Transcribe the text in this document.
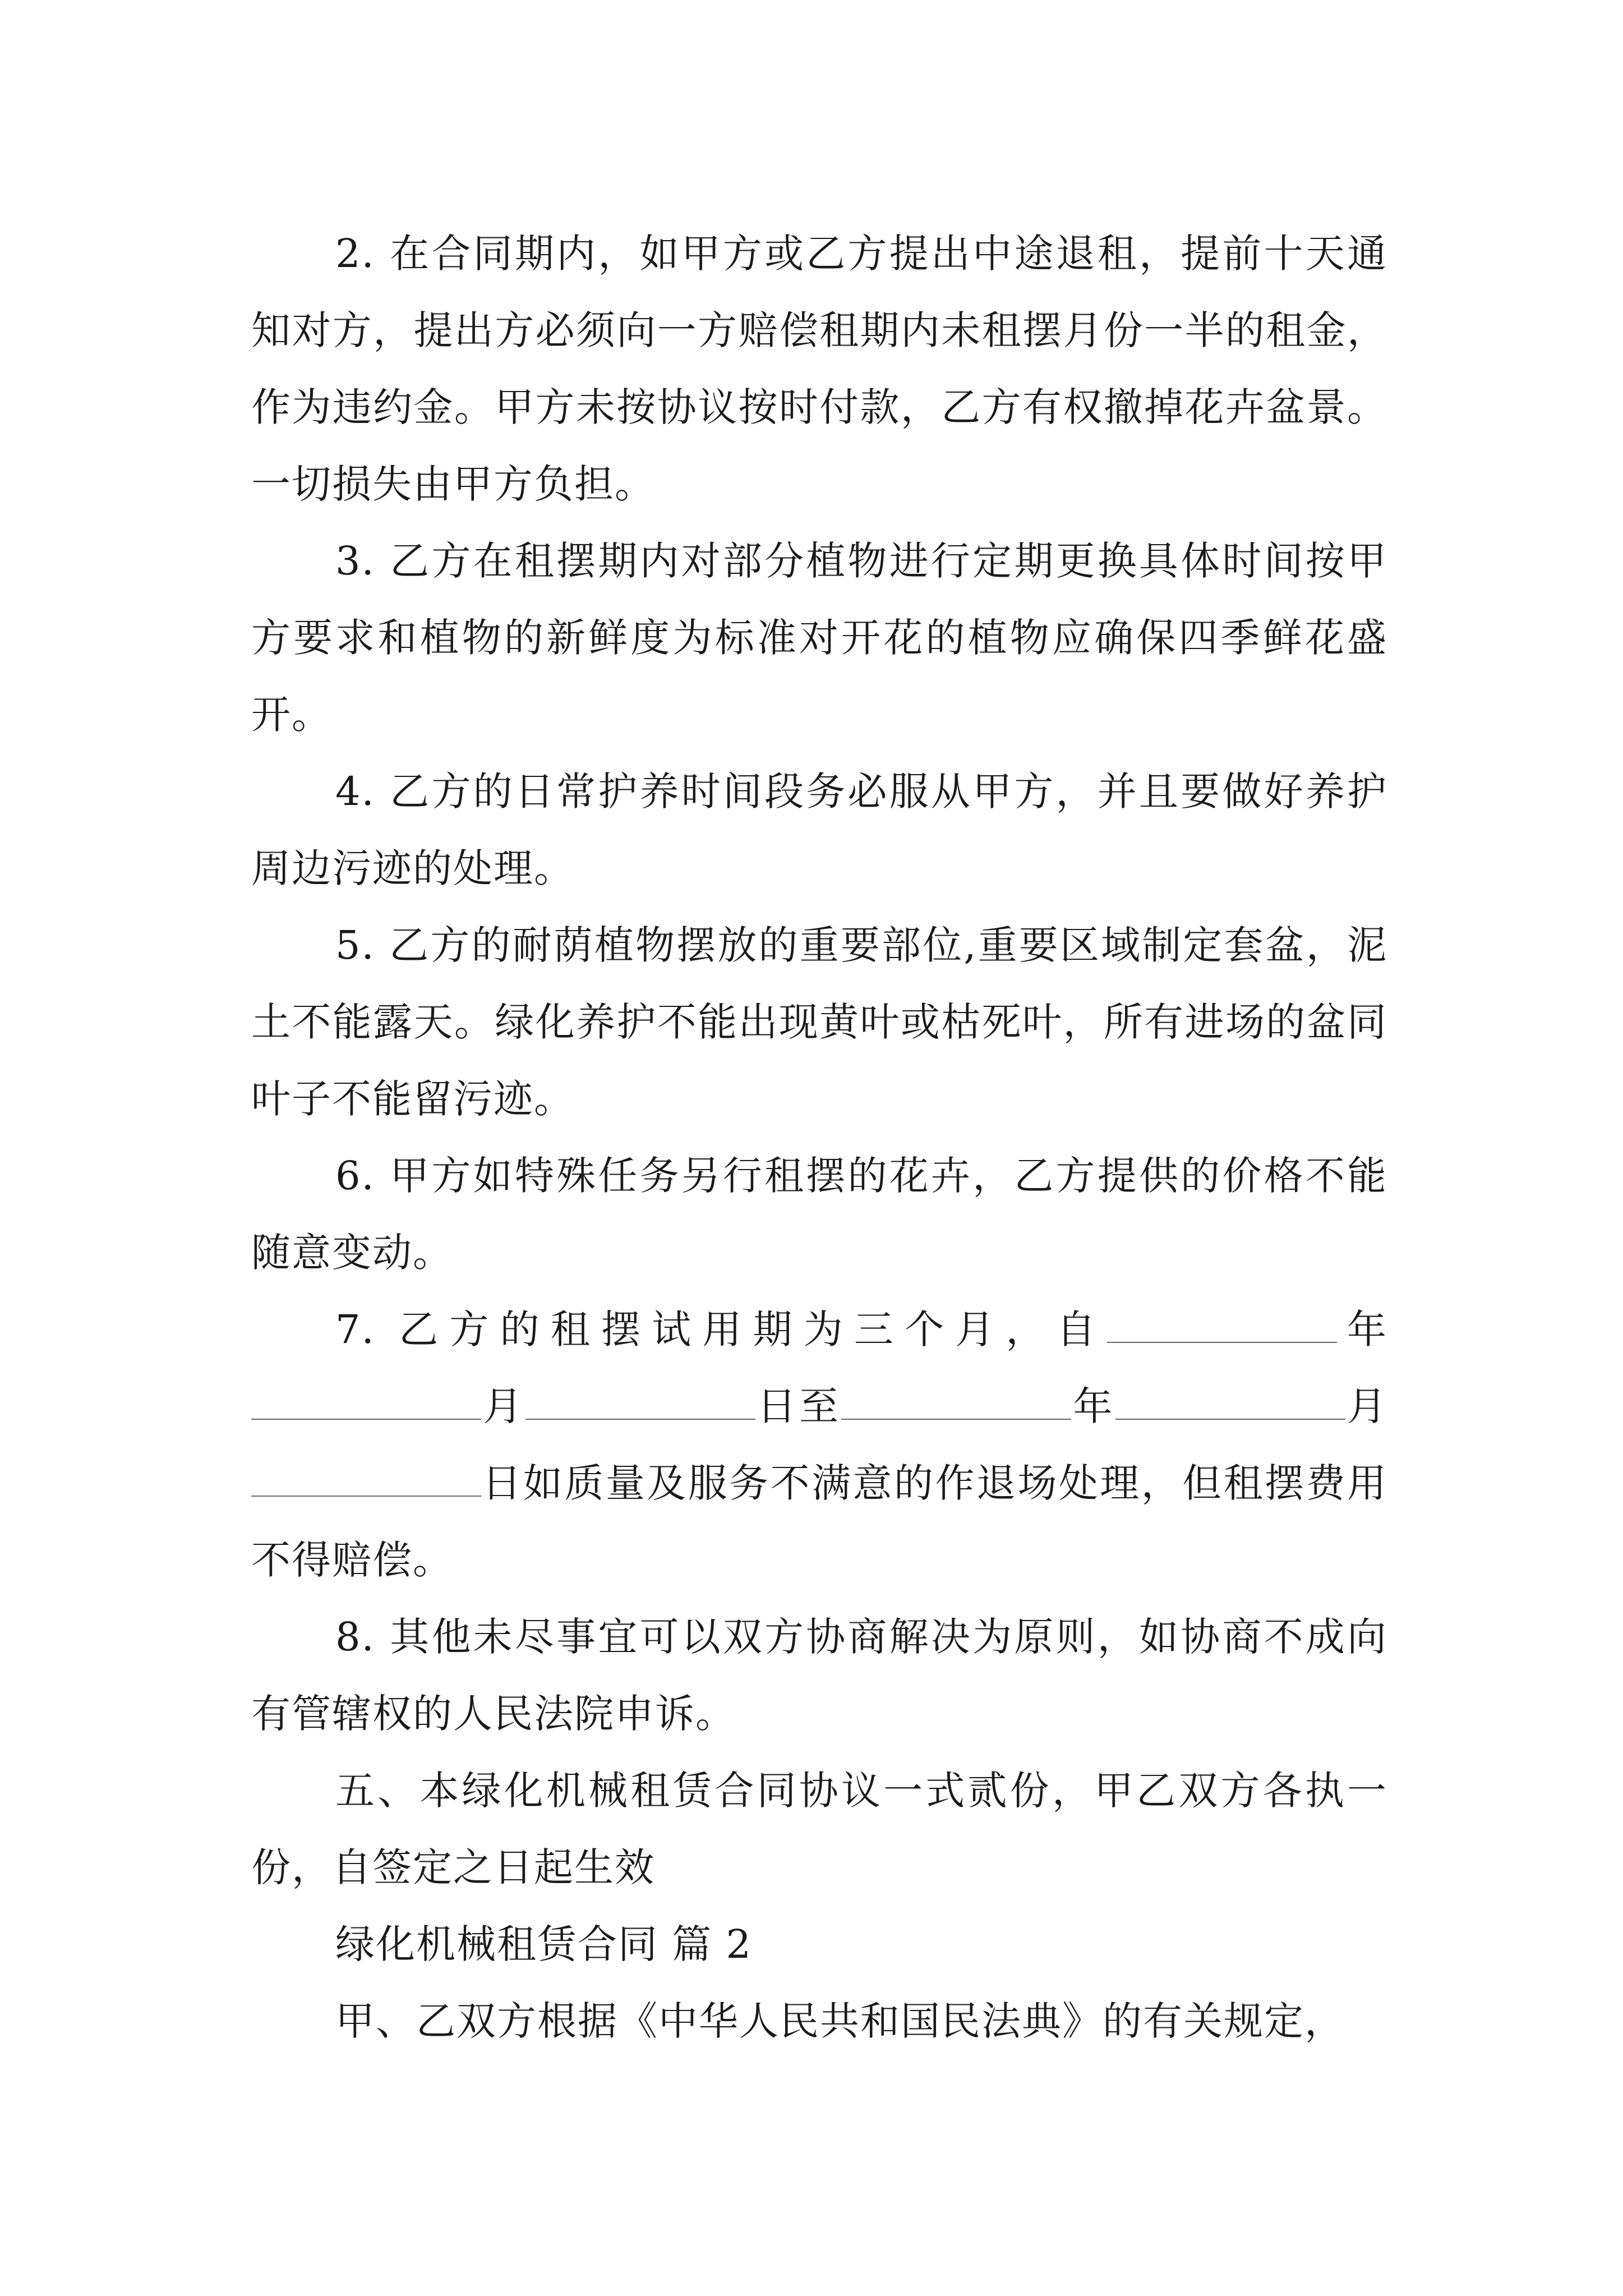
2. 在合同期内，如甲方或乙方提出中途退租，提前十天通知对方，提出方必须向一方赔偿租期内未租摆月份一半的租金，作为违约金。甲方未按协议按时付款，乙方有权撤掉花卉盆景。一切损失由甲方负担。

3. 乙方在租摆期内对部分植物进行定期更换具体时间按甲方要求和植物的新鲜度为标准对开花的植物应确保四季鲜花盛开。

4. 乙方的日常护养时间段务必服从甲方，并且要做好养护周边污迹的处理。

5. 乙方的耐荫植物摆放的重要部位,重要区域制定套盆，泥土不能露天。绿化养护不能出现黄叶或枯死叶，所有进场的盆同叶子不能留污迹。

6. 甲方如特殊任务另行租摆的花卉，乙方提供的价格不能随意变动。

7. 乙方的租摆试用期为三个月，自	年月	日至	年	月日如质量及服务不满意的作退场处理，但租摆费用不得赔偿。

8. 其他未尽事宜可以双方协商解决为原则，如协商不成向有管辖权的人民法院申诉。

五、本绿化机械租赁合同协议一式贰份，甲乙双方各执一份，自签定之日起生效

绿化机械租赁合同 篇 2

甲、乙双方根据《中华人民共和国民法典》的有关规定，
